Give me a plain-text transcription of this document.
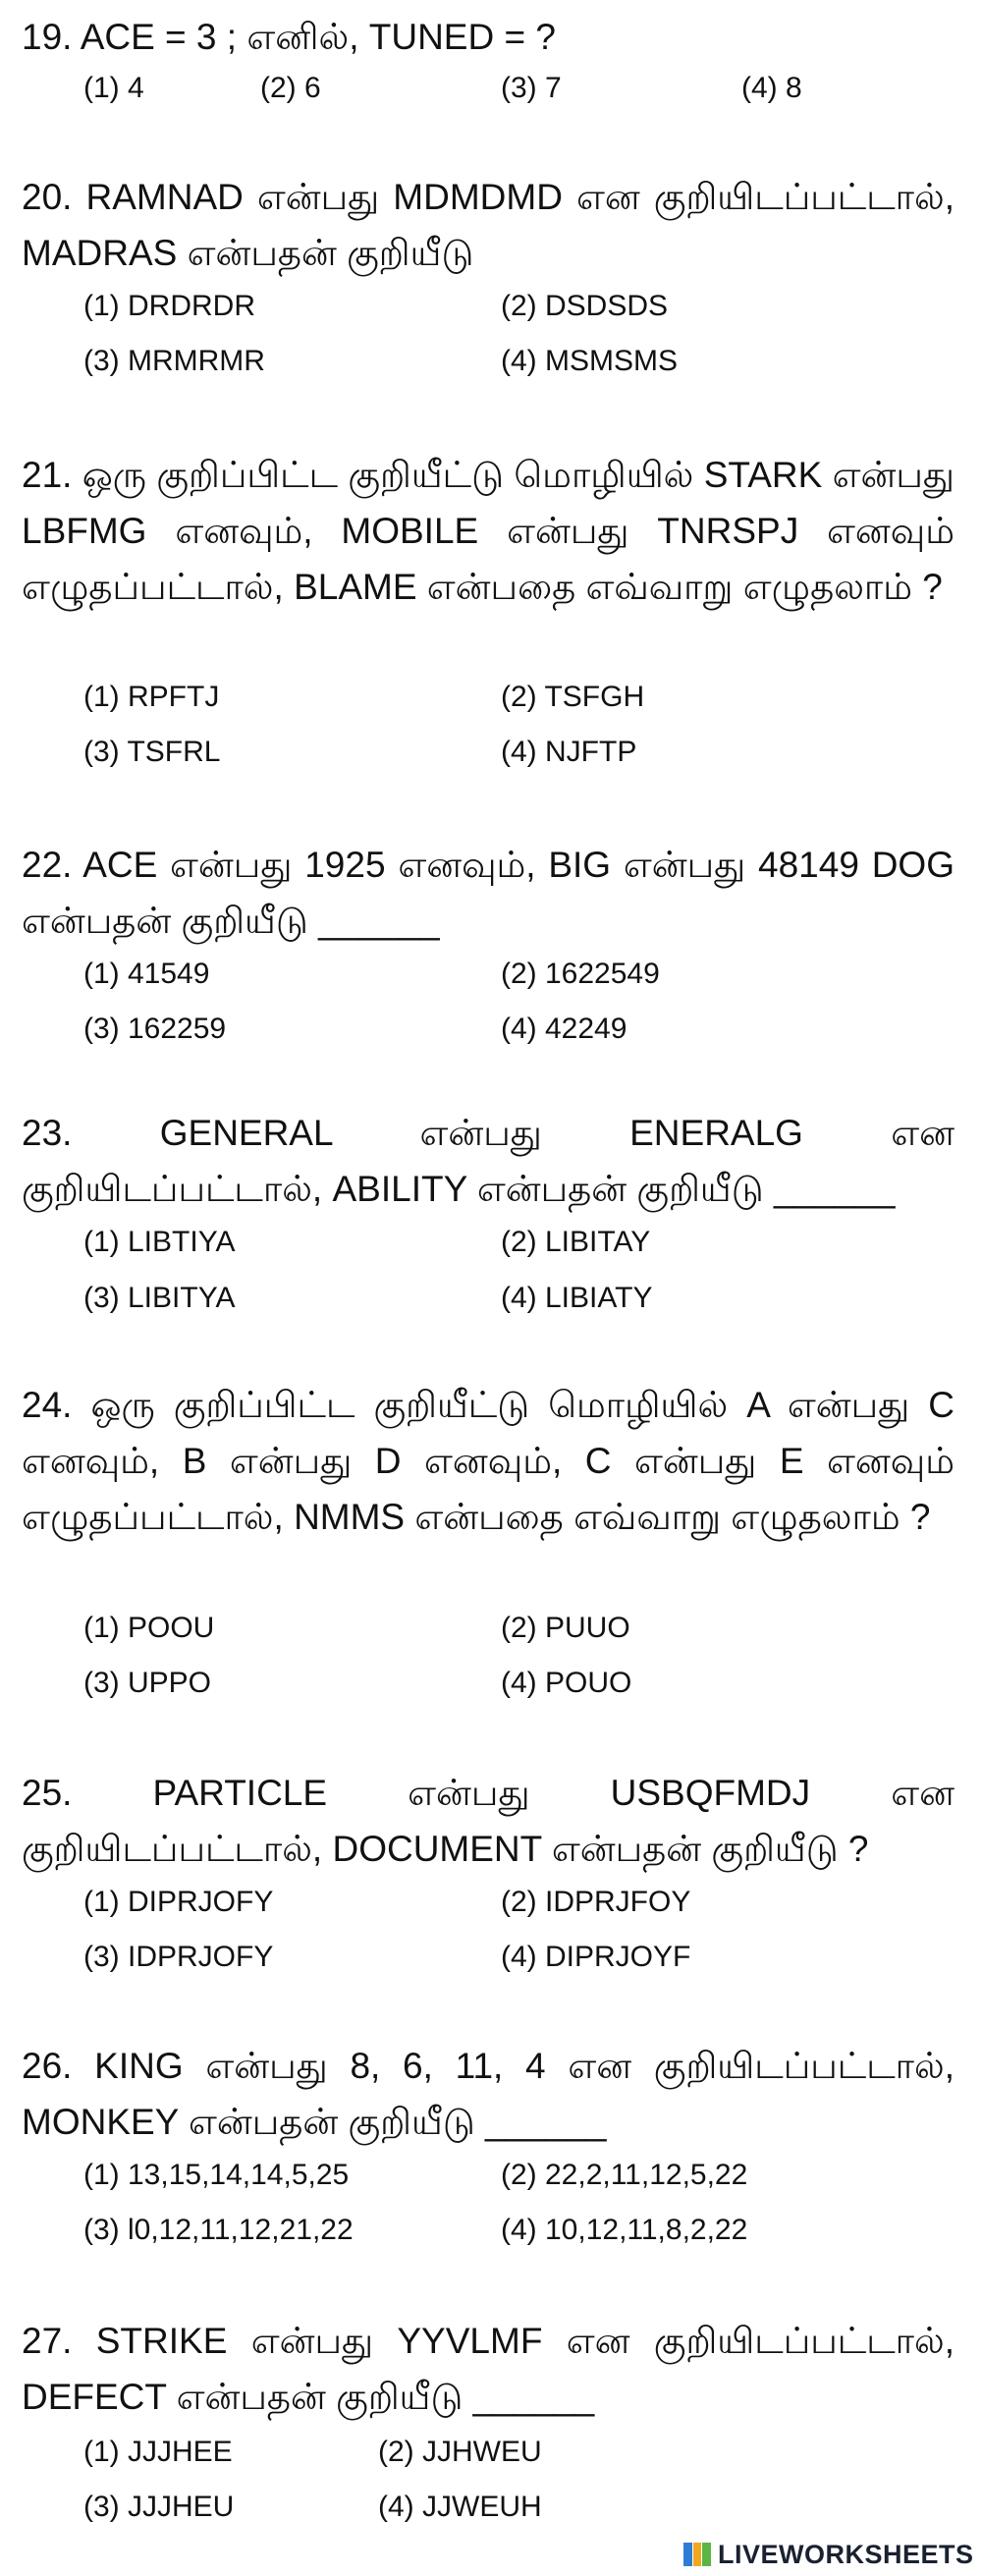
19. ACE = 3 ; எனில், TUNED = ?
(1) 4	(2) 6	(3) 7	(4) 8
20. RAMNAD என்பது MDMDMD என குறியிடப்பட்டால், MADRAS என்பதன் குறியீடு
(1) DRDRDR	(2) DSDSDS
(3) MRMRMR	(4) MSMSMS
21. ஒரு குறிப்பிட்ட குறியீட்டு மொழியில் STARK என்பது LBFMG எனவும், MOBILE என்பது TNRSPJ எனவும் எழுதப்பட்டால், BLAME என்பதை எவ்வாறு எழுதலாம் ?
(1) RPFTJ	(2) TSFGH
(3) TSFRL	(4) NJFTP
22. ACE என்பது 1925 எனவும், BIG என்பது 48149 DOG என்பதன் குறியீடு ______
(1) 41549	(2) 1622549
(3) 162259	(4) 42249
23. GENERAL என்பது ENERALG என குறியிடப்பட்டால், ABILITY என்பதன் குறியீடு ______
(1) LIBTIYA	(2) LIBITAY
(3) LIBITYA	(4) LIBIATY
24. ஒரு குறிப்பிட்ட குறியீட்டு மொழியில் A என்பது C எனவும், B என்பது D எனவும், C என்பது E எனவும் எழுதப்பட்டால், NMMS என்பதை எவ்வாறு எழுதலாம் ?
(1) POOU	(2) PUUO
(3) UPPO	(4) POUO
25. PARTICLE என்பது USBQFMDJ என குறியிடப்பட்டால், DOCUMENT என்பதன் குறியீடு ?
(1) DIPRJOFY	(2) IDPRJFOY
(3) IDPRJOFY	(4) DIPRJOYF
26. KING என்பது 8, 6, 11, 4 என குறியிடப்பட்டால், MONKEY என்பதன் குறியீடு ______
(1) 13,15,14,14,5,25	(2) 22,2,11,12,5,22
(3) l0,12,11,12,21,22	(4) 10,12,11,8,2,22
27. STRIKE என்பது YYVLMF என குறியிடப்பட்டால், DEFECT என்பதன் குறியீடு ______
(1) JJJHEE	(2) JJHWEU
(3) JJJHEU	(4) JJWEUH
LIVEWORKSHEETS
